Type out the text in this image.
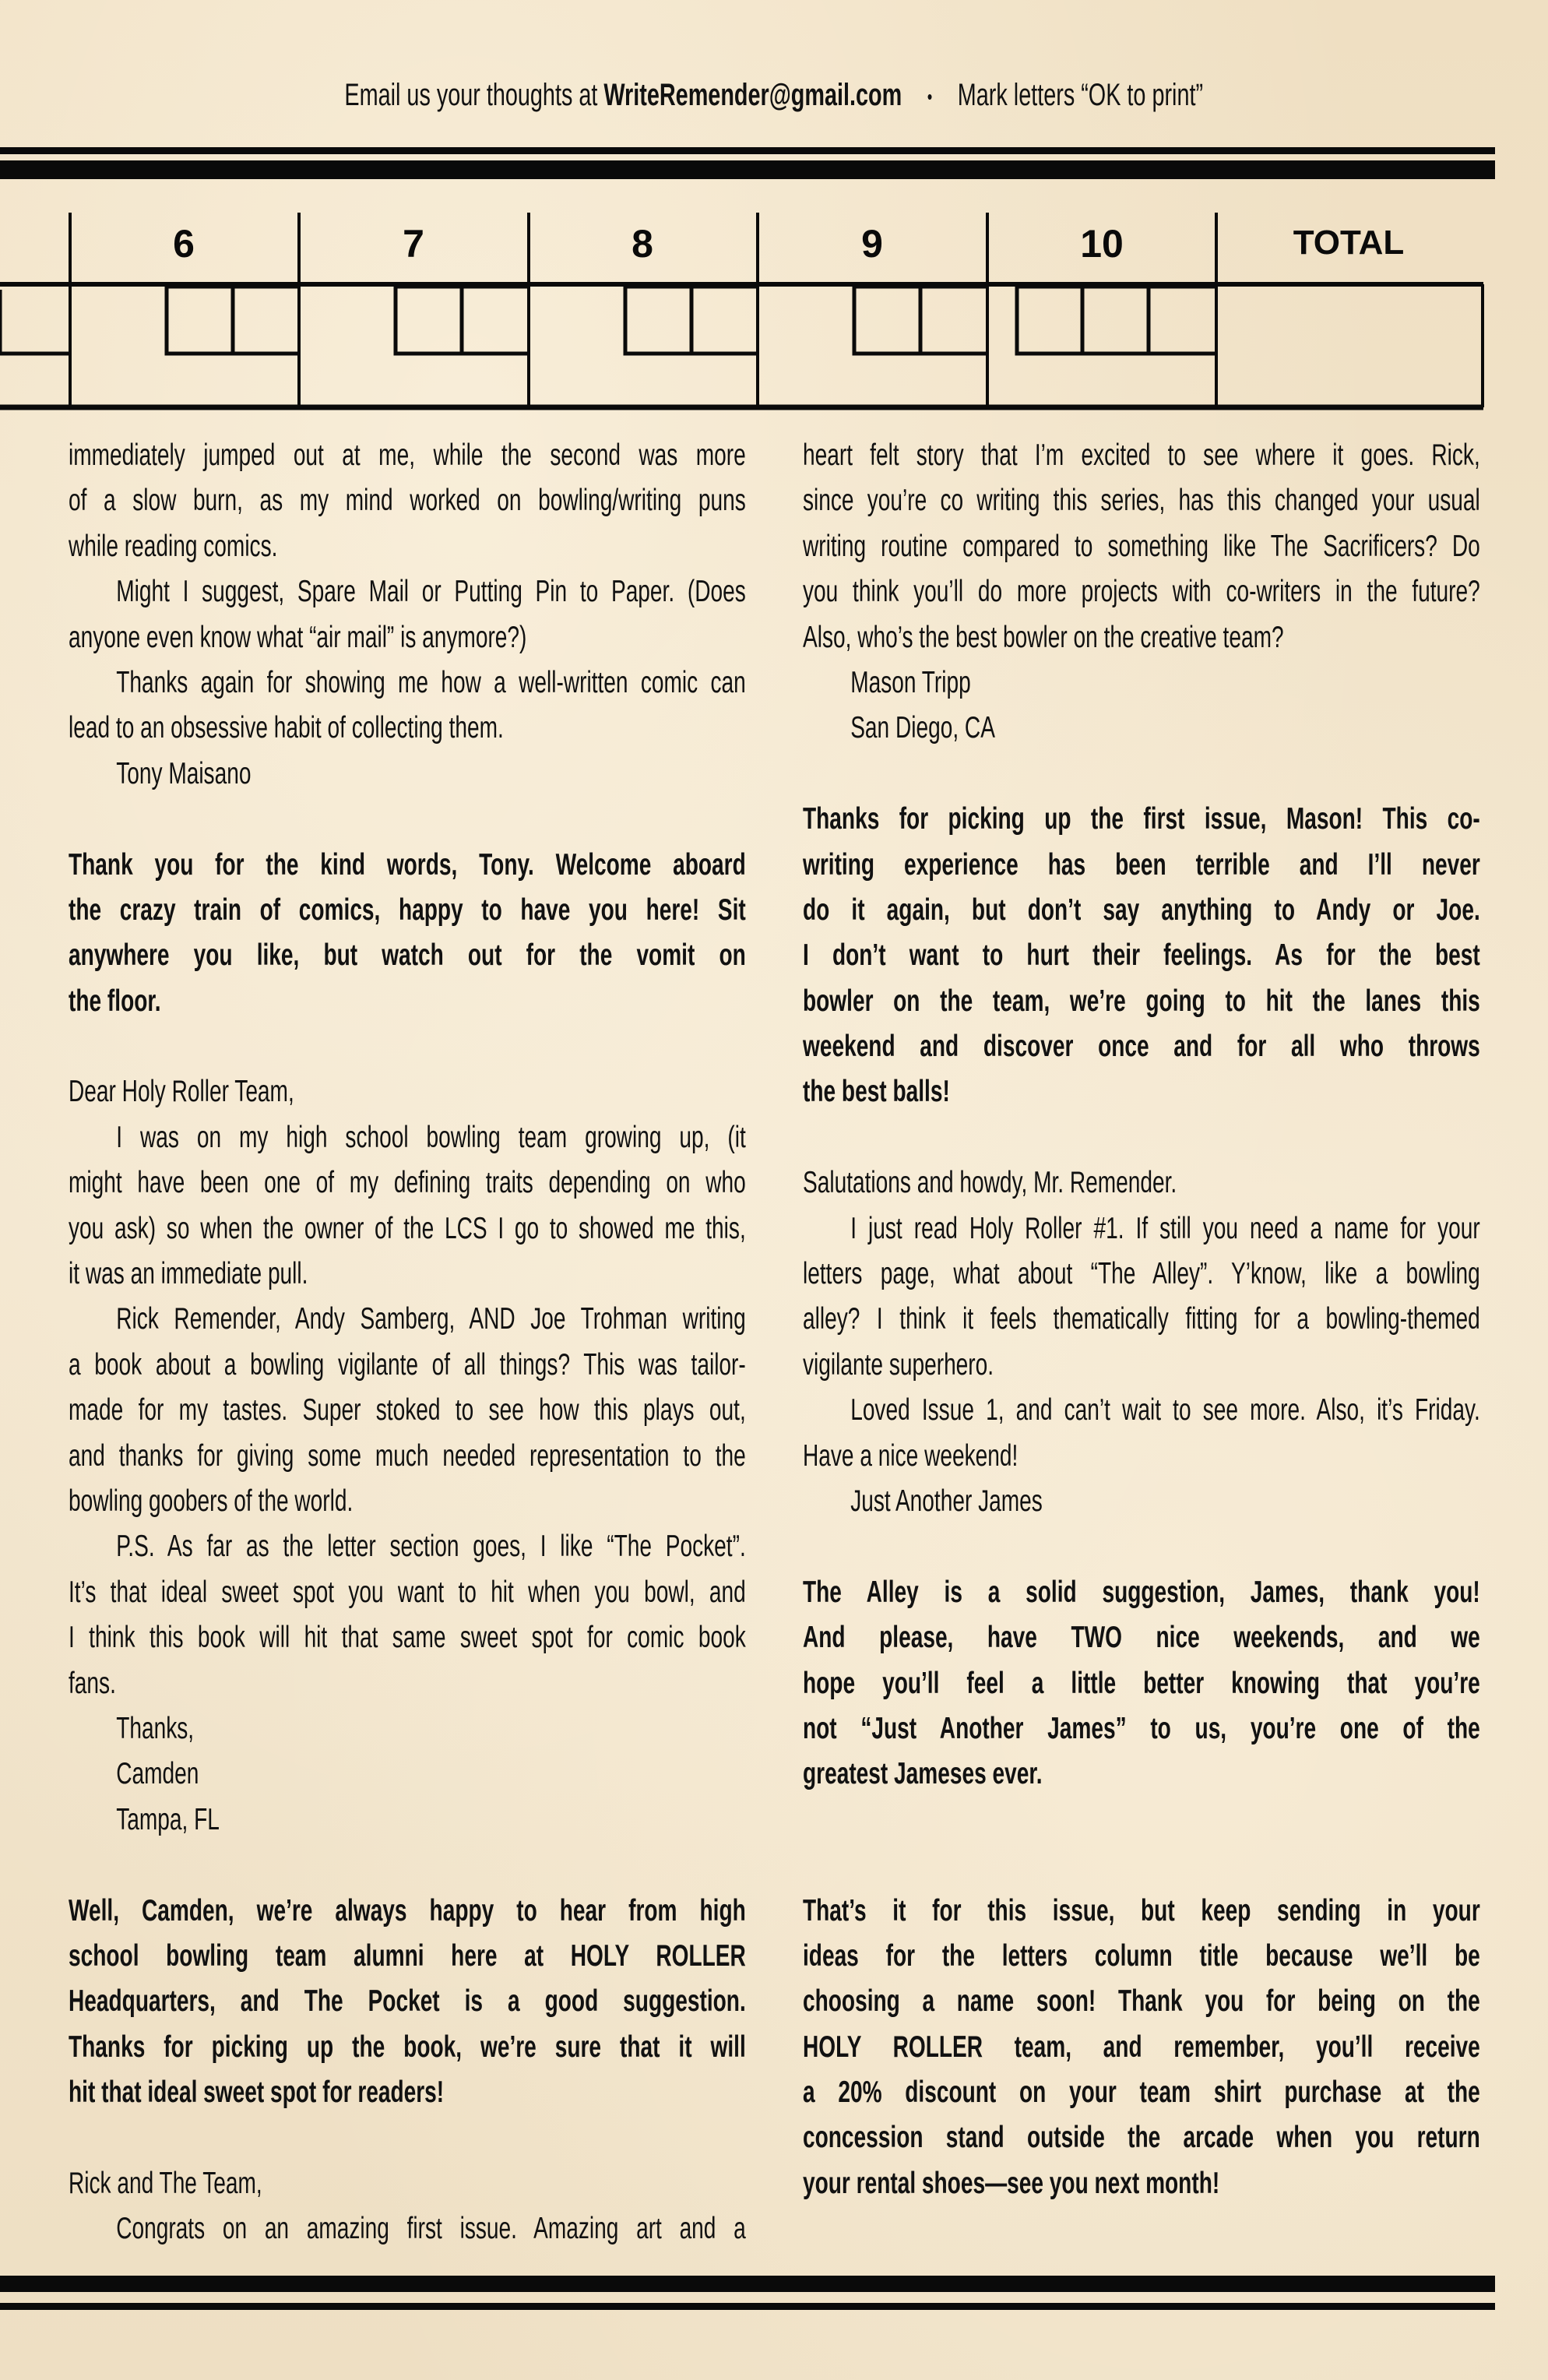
Email us your thoughts at WriteRemender@gmail.com • Mark letters “OK to print”
6	7	8	9	10	TOTAL
immediately jumped out at me, while the second was more
of a slow burn, as my mind worked on bowling/writing puns
while reading comics.
Might I suggest, Spare Mail or Putting Pin to Paper. (Does
anyone even know what “air mail” is anymore?)
Thanks again for showing me how a well-written comic can
lead to an obsessive habit of collecting them.
Tony Maisano
Thank you for the kind words, Tony. Welcome aboard
the crazy train of comics, happy to have you here! Sit
anywhere you like, but watch out for the vomit on
the floor.
Dear Holy Roller Team,
I was on my high school bowling team growing up, (it
might have been one of my defining traits depending on who
you ask) so when the owner of the LCS I go to showed me this,
it was an immediate pull.
Rick Remender, Andy Samberg, AND Joe Trohman writing
a book about a bowling vigilante of all things? This was tailor-
made for my tastes. Super stoked to see how this plays out,
and thanks for giving some much needed representation to the
bowling goobers of the world.
P.S. As far as the letter section goes, I like “The Pocket”.
It’s that ideal sweet spot you want to hit when you bowl, and
I think this book will hit that same sweet spot for comic book
fans.
Thanks,
Camden
Tampa, FL
Well, Camden, we’re always happy to hear from high
school bowling team alumni here at HOLY ROLLER
Headquarters, and The Pocket is a good suggestion.
Thanks for picking up the book, we’re sure that it will
hit that ideal sweet spot for readers!
Rick and The Team,
Congrats on an amazing first issue. Amazing art and a
heart felt story that I’m excited to see where it goes. Rick,
since you’re co writing this series, has this changed your usual
writing routine compared to something like The Sacrificers? Do
you think you’ll do more projects with co-writers in the future?
Also, who’s the best bowler on the creative team?
Mason Tripp
San Diego, CA
Thanks for picking up the first issue, Mason! This co-
writing experience has been terrible and I’ll never
do it again, but don’t say anything to Andy or Joe.
I don’t want to hurt their feelings. As for the best
bowler on the team, we’re going to hit the lanes this
weekend and discover once and for all who throws
the best balls!
Salutations and howdy, Mr. Remender.
I just read Holy Roller #1. If still you need a name for your
letters page, what about “The Alley”. Y’know, like a bowling
alley? I think it feels thematically fitting for a bowling-themed
vigilante superhero.
Loved Issue 1, and can’t wait to see more. Also, it’s Friday.
Have a nice weekend!
Just Another James
The Alley is a solid suggestion, James, thank you!
And please, have TWO nice weekends, and we
hope you’ll feel a little better knowing that you’re
not “Just Another James” to us, you’re one of the
greatest Jameses ever.
That’s it for this issue, but keep sending in your
ideas for the letters column title because we’ll be
choosing a name soon! Thank you for being on the
HOLY ROLLER team, and remember, you’ll receive
a 20% discount on your team shirt purchase at the
concession stand outside the arcade when you return
your rental shoes—see you next month!
